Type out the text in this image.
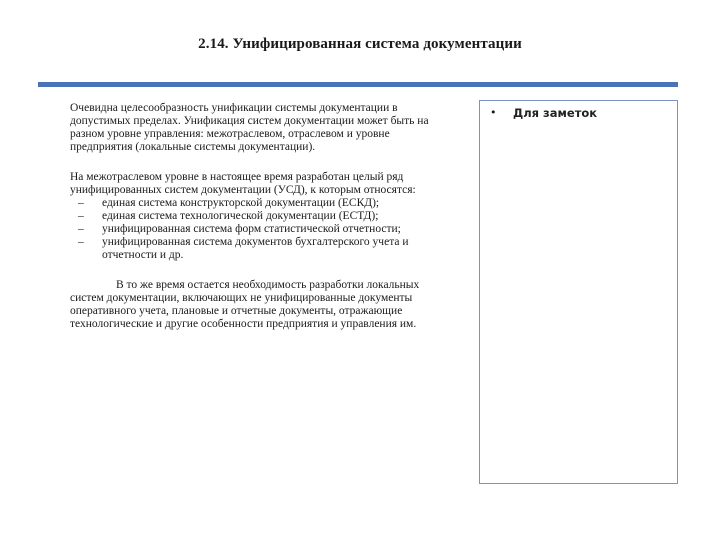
2.14. Унифицированная система документации

Очевидна целесообразность унификации системы документации в допустимых пределах. Унификация систем документации может быть на разном уровне управления: межотраслевом, отраслевом и уровне предприятия (локальные системы документации).

На межотраслевом уровне в настоящее время разработан целый ряд унифицированных систем документации (УСД), к которым относятся:

– единая система конструкторской документации (ЕСКД);
– единая система технологической документации (ЕСТД);
– унифицированная система форм статистической отчетности;
– унифицированная система документов бухгалтерского учета и отчетности и др.

В то же время остается необходимость разработки локальных систем документации, включающих не унифицированные документы оперативного учета, плановые и отчетные документы, отражающие технологические и другие особенности предприятия и управления им.

• Для заметок
